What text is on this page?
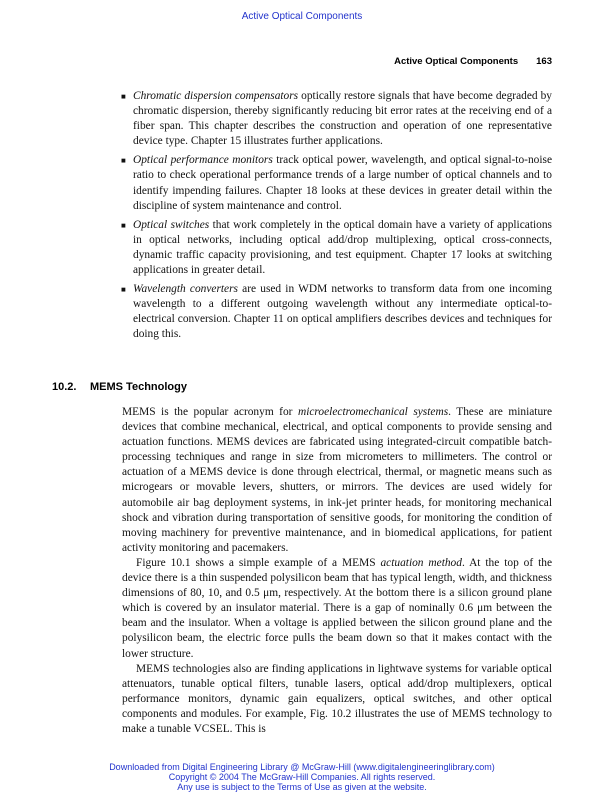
Active Optical Components
Active Optical Components 163
■ Chromatic dispersion compensators optically restore signals that have become degraded by chromatic dispersion, thereby significantly reducing bit error rates at the receiving end of a fiber span. This chapter describes the construction and operation of one representative device type. Chapter 15 illustrates further applications.
■ Optical performance monitors track optical power, wavelength, and optical signal-to-noise ratio to check operational performance trends of a large number of optical channels and to identify impending failures. Chapter 18 looks at these devices in greater detail within the discipline of system maintenance and control.
■ Optical switches that work completely in the optical domain have a variety of applications in optical networks, including optical add/drop multiplexing, optical cross-connects, dynamic traffic capacity provisioning, and test equipment. Chapter 17 looks at switching applications in greater detail.
■ Wavelength converters are used in WDM networks to transform data from one incoming wavelength to a different outgoing wavelength without any intermediate optical-to-electrical conversion. Chapter 11 on optical amplifiers describes devices and techniques for doing this.
10.2. MEMS Technology

MEMS is the popular acronym for microelectromechanical systems. These are miniature devices that combine mechanical, electrical, and optical components to provide sensing and actuation functions. MEMS devices are fabricated using integrated-circuit compatible batch-processing techniques and range in size from micrometers to millimeters. The control or actuation of a MEMS device is done through electrical, thermal, or magnetic means such as microgears or movable levers, shutters, or mirrors. The devices are used widely for automobile air bag deployment systems, in ink-jet printer heads, for monitoring mechanical shock and vibration during transportation of sensitive goods, for monitoring the condition of moving machinery for preventive maintenance, and in biomedical applications, for patient activity monitoring and pacemakers.

Figure 10.1 shows a simple example of a MEMS actuation method. At the top of the device there is a thin suspended polysilicon beam that has typical length, width, and thickness dimensions of 80, 10, and 0.5 μm, respectively. At the bottom there is a silicon ground plane which is covered by an insulator material. There is a gap of nominally 0.6 μm between the beam and the insulator. When a voltage is applied between the silicon ground plane and the polysilicon beam, the electric force pulls the beam down so that it makes contact with the lower structure.

MEMS technologies also are finding applications in lightwave systems for variable optical attenuators, tunable optical filters, tunable lasers, optical add/drop multiplexers, optical performance monitors, dynamic gain equalizers, optical switches, and other optical components and modules. For example, Fig. 10.2 illustrates the use of MEMS technology to make a tunable VCSEL. This is

Downloaded from Digital Engineering Library @ McGraw-Hill (www.digitalengineeringlibrary.com)
Copyright © 2004 The McGraw-Hill Companies. All rights reserved.
Any use is subject to the Terms of Use as given at the website.
